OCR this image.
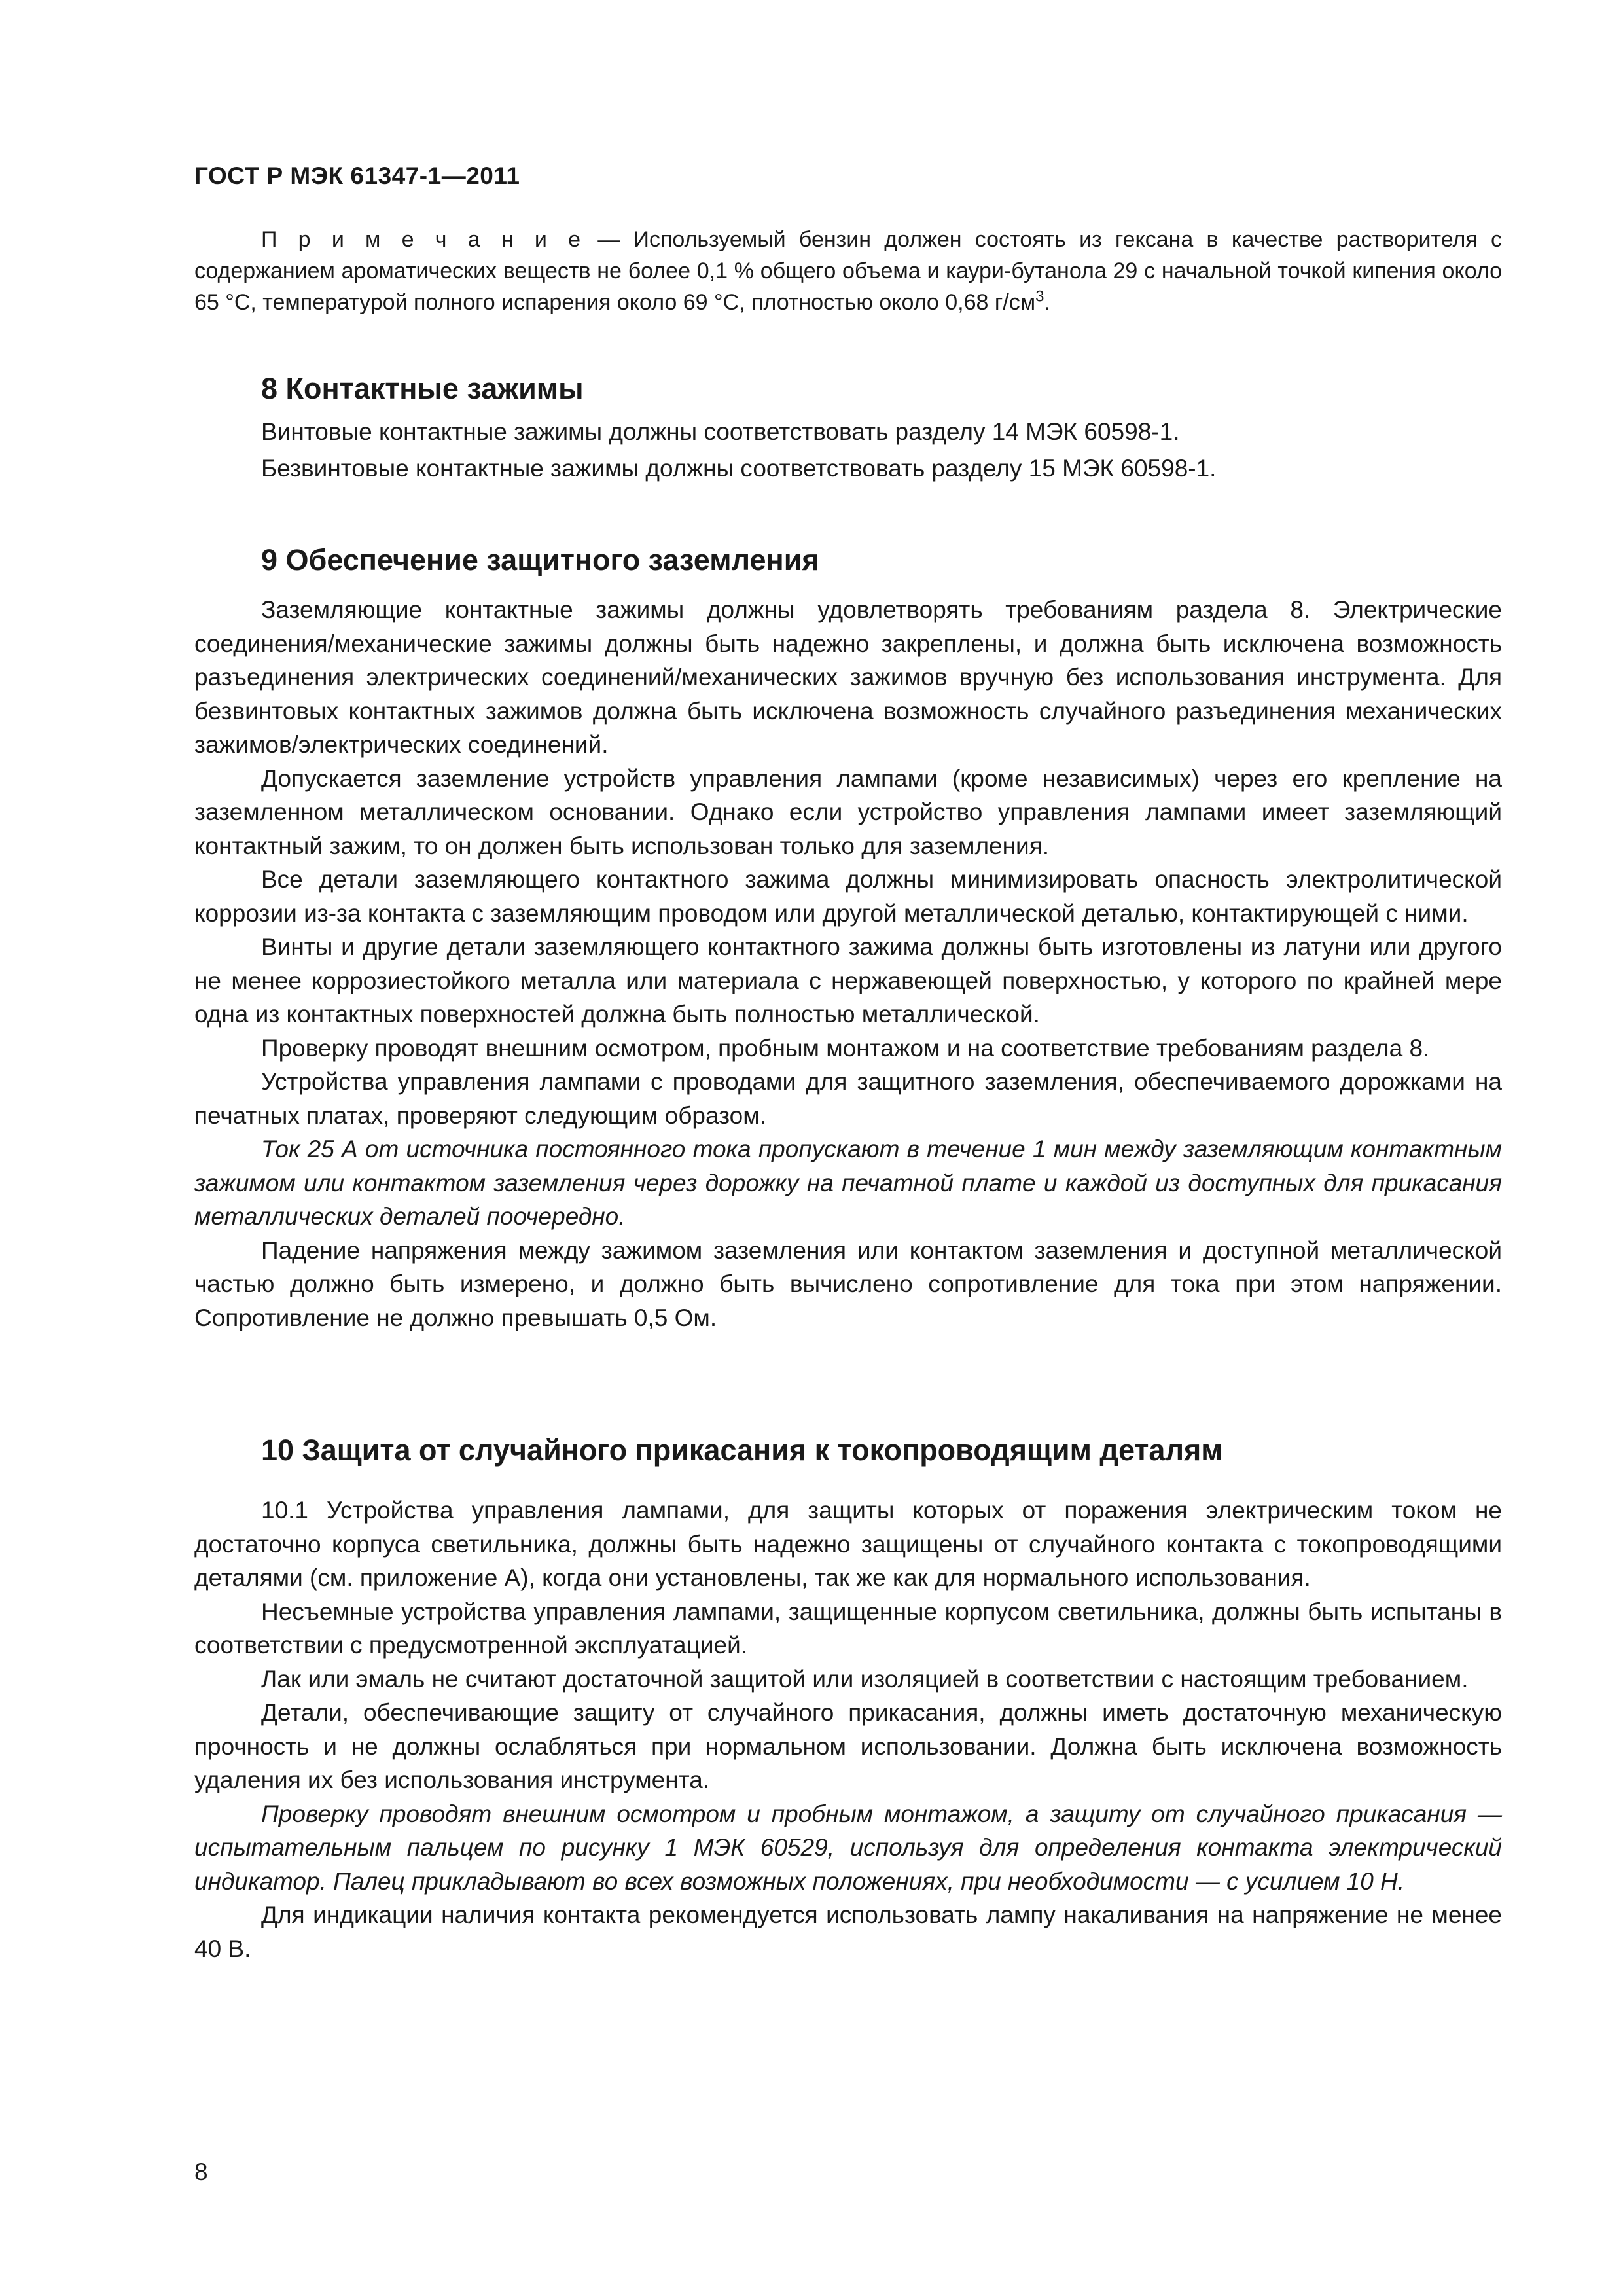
ГОСТ Р МЭК 61347-1—2011

П р и м е ч а н и е — Используемый бензин должен состоять из гексана в качестве растворителя с содержанием ароматических веществ не более 0,1 % общего объема и каури-бутанола 29 с начальной точкой кипения около 65 °С, температурой полного испарения около 69 °С, плотностью около 0,68 $г/см^3$.

8 Контактные зажимы

Винтовые контактные зажимы должны соответствовать разделу 14 МЭК 60598-1.

Безвинтовые контактные зажимы должны соответствовать разделу 15 МЭК 60598-1.

9 Обеспечение защитного заземления

Заземляющие контактные зажимы должны удовлетворять требованиям раздела 8. Электрические соединения/механические зажимы должны быть надежно закреплены, и должна быть исключена возможность разъединения электрических соединений/механических зажимов вручную без использования инструмента. Для безвинтовых контактных зажимов должна быть исключена возможность случайного разъединения механических зажимов/электрических соединений.

Допускается заземление устройств управления лампами (кроме независимых) через его крепление на заземленном металлическом основании. Однако если устройство управления лампами имеет заземляющий контактный зажим, то он должен быть использован только для заземления.

Все детали заземляющего контактного зажима должны минимизировать опасность электролитической коррозии из-за контакта с заземляющим проводом или другой металлической деталью, контактирующей с ними.

Винты и другие детали заземляющего контактного зажима должны быть изготовлены из латуни или другого не менее коррозиестойкого металла или материала с нержавеющей поверхностью, у которого по крайней мере одна из контактных поверхностей должна быть полностью металлической.

Проверку проводят внешним осмотром, пробным монтажом и на соответствие требованиям раздела 8.

Устройства управления лампами с проводами для защитного заземления, обеспечиваемого дорожками на печатных платах, проверяют следующим образом.

Ток 25 А от источника постоянного тока пропускают в течение 1 мин между заземляющим контактным зажимом или контактом заземления через дорожку на печатной плате и каждой из доступных для прикасания металлических деталей поочередно.

Падение напряжения между зажимом заземления или контактом заземления и доступной металлической частью должно быть измерено, и должно быть вычислено сопротивление для тока при этом напряжении. Сопротивление не должно превышать 0,5 Ом.

10 Защита от случайного прикасания к токопроводящим деталям

10.1 Устройства управления лампами, для защиты которых от поражения электрическим током не достаточно корпуса светильника, должны быть надежно защищены от случайного контакта с токопроводящими деталями (см. приложение А), когда они установлены, так же как для нормального использования.

Несъемные устройства управления лампами, защищенные корпусом светильника, должны быть испытаны в соответствии с предусмотренной эксплуатацией.

Лак или эмаль не считают достаточной защитой или изоляцией в соответствии с настоящим требованием.

Детали, обеспечивающие защиту от случайного прикасания, должны иметь достаточную механическую прочность и не должны ослабляться при нормальном использовании. Должна быть исключена возможность удаления их без использования инструмента.

Проверку проводят внешним осмотром и пробным монтажом, а защиту от случайного прикасания — испытательным пальцем по рисунку 1 МЭК 60529, используя для определения контакта электрический индикатор. Палец прикладывают во всех возможных положениях, при необходимости — с усилием 10 Н.

Для индикации наличия контакта рекомендуется использовать лампу накаливания на напряжение не менее 40 В.

8
